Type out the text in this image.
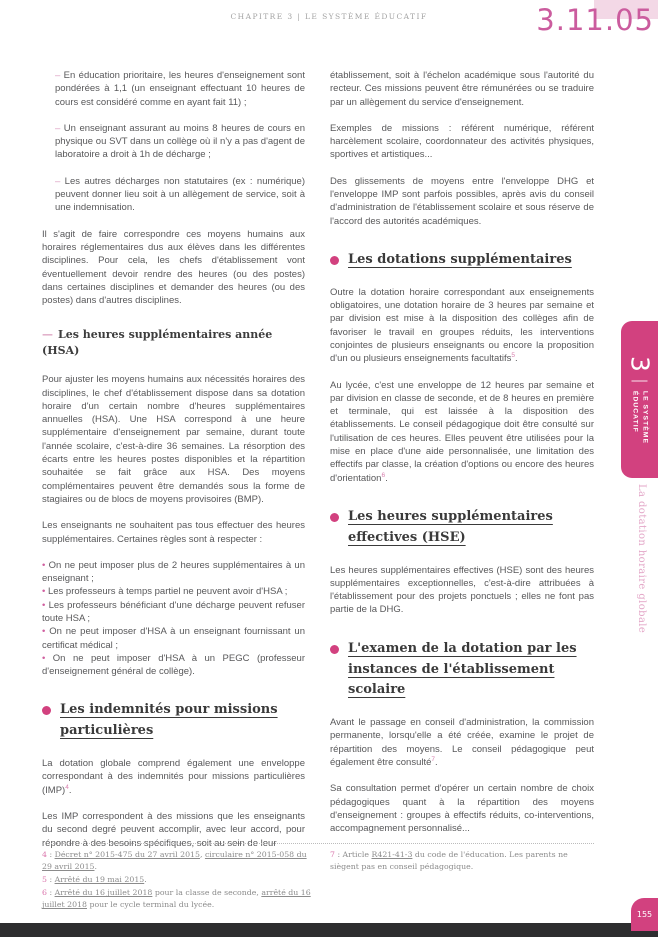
CHAPITRE 3 | LE SYSTÈME ÉDUCATIF	3.11.05

– En éducation prioritaire, les heures d'enseignement sont pondérées à 1,1 (un enseignant effectuant 10 heures de cours est considéré comme en ayant fait 11) ;

– Un enseignant assurant au moins 8 heures de cours en physique ou SVT dans un collège où il n'y a pas d'agent de laboratoire a droit à 1h de décharge ;

– Les autres décharges non statutaires (ex : numérique) peuvent donner lieu soit à un allègement de service, soit à une indemnisation.

Il s'agit de faire correspondre ces moyens humains aux horaires réglementaires dus aux élèves dans les différentes disciplines. Pour cela, les chefs d'établissement vont éventuellement devoir rendre des heures (ou des postes) dans certaines disciplines et demander des heures (ou des postes) dans d'autres disciplines.

— Les heures supplémentaires année (HSA)

Pour ajuster les moyens humains aux nécessités horaires des disciplines, le chef d'établissement dispose dans sa dotation horaire d'un certain nombre d'heures supplémentaires annuelles (HSA). Une HSA correspond à une heure supplémentaire d'enseignement par semaine, durant toute l'année scolaire, c'est-à-dire 36 semaines. La résorption des écarts entre les heures postes disponibles et la répartition souhaitée se fait grâce aux HSA. Des moyens complémentaires peuvent être demandés sous la forme de stagiaires ou de blocs de moyens provisoires (BMP).

Les enseignants ne souhaitent pas tous effectuer des heures supplémentaires. Certaines règles sont à respecter :

• On ne peut imposer plus de 2 heures supplémentaires à un enseignant ;

• Les professeurs à temps partiel ne peuvent avoir d'HSA ;

• Les professeurs bénéficiant d'une décharge peuvent refuser toute HSA ;

• On ne peut imposer d'HSA à un enseignant fournissant un certificat médical ;

• On ne peut imposer d'HSA à un PEGC (professeur d'enseignement général de collège).

Les indemnités pour missions particulières

La dotation globale comprend également une enveloppe correspondant à des indemnités pour missions particulières (IMP)$^4$.

Les IMP correspondent à des missions que les enseignants du second degré peuvent accomplir, avec leur accord, pour répondre à des besoins spécifiques, soit au sein de leur

établissement, soit à l'échelon académique sous l'autorité du recteur. Ces missions peuvent être rémunérées ou se traduire par un allègement du service d'enseignement.

Exemples de missions : référent numérique, référent harcèlement scolaire, coordonnateur des activités physiques, sportives et artistiques...

Des glissements de moyens entre l'enveloppe DHG et l'enveloppe IMP sont parfois possibles, après avis du conseil d'administration de l'établissement scolaire et sous réserve de l'accord des autorités académiques.

Les dotations supplémentaires

Outre la dotation horaire correspondant aux enseignements obligatoires, une dotation horaire de 3 heures par semaine et par division est mise à la disposition des collèges afin de favoriser le travail en groupes réduits, les interventions conjointes de plusieurs enseignants ou encore la proposition d'un ou plusieurs enseignements facultatifs$^5$.

Au lycée, c'est une enveloppe de 12 heures par semaine et par division en classe de seconde, et de 8 heures en première et terminale, qui est laissée à la disposition des établissements. Le conseil pédagogique doit être consulté sur l'utilisation de ces heures. Elles peuvent être utilisées pour la mise en place d'une aide personnalisée, une limitation des effectifs par classe, la création d'options ou encore des heures d'orientation$^6$.

Les heures supplémentaires effectives (HSE)

Les heures supplémentaires effectives (HSE) sont des heures supplémentaires exceptionnelles, c'est-à-dire attribuées à l'établissement pour des projets ponctuels ; elles ne font pas partie de la DHG.

L'examen de la dotation par les instances de l'établissement scolaire

Avant le passage en conseil d'administration, la commission permanente, lorsqu'elle a été créée, examine le projet de répartition des moyens. Le conseil pédagogique peut également être consulté$^7$.

Sa consultation permet d'opérer un certain nombre de choix pédagogiques quant à la répartition des moyens d'enseignement : groupes à effectifs réduits, co-interventions, accompagnement personnalisé...

4 : Décret n° 2015-475 du 27 avril 2015, circulaire n° 2015-058 du 29 avril 2015.

5 : Arrêté du 19 mai 2015.

6 : Arrêté du 16 juillet 2018 pour la classe de seconde, arrêté du 16 juillet 2018 pour le cycle terminal du lycée.

7 : Article R421-41-3 du code de l'éducation. Les parents ne siègent pas en conseil pédagogique.

3
LE SYSTÈME
ÉDUCATIF
La dotation horaire globale
155
